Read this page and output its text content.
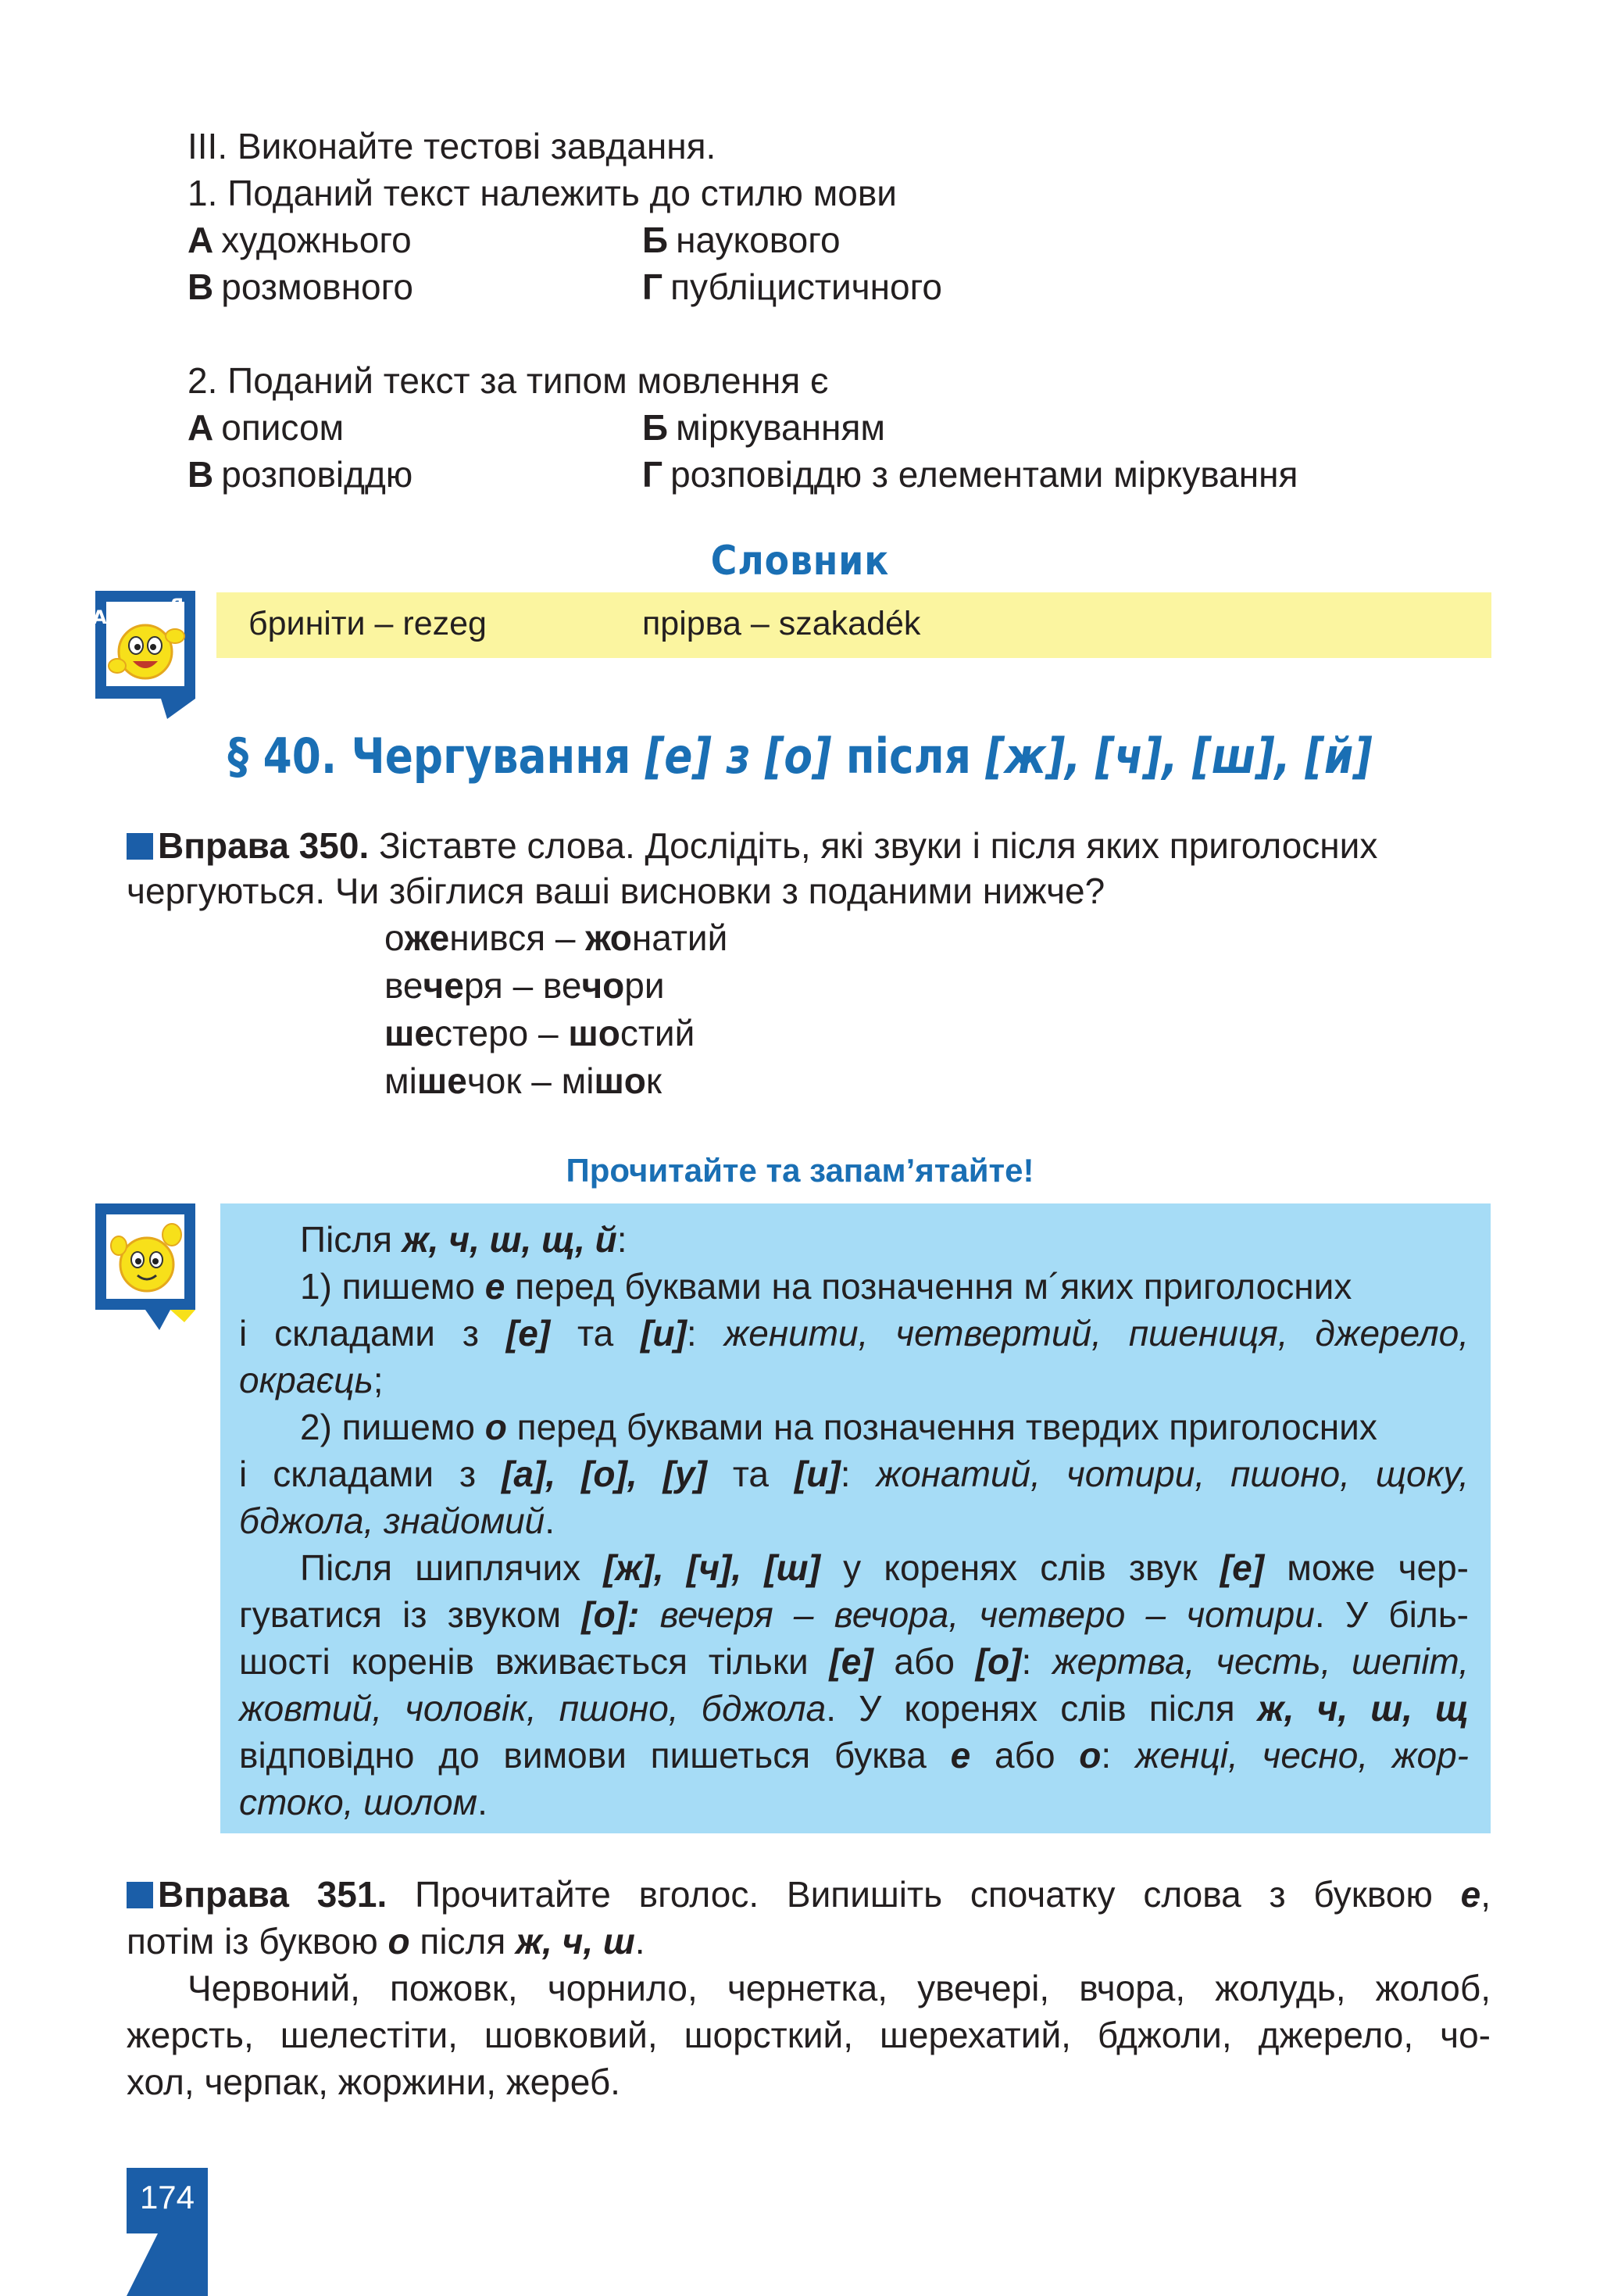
ІІІ. Виконайте тестові завдання.
1. Поданий текст належить до стилю мови
А художнього	Б наукового
В розмовного	Г публіцистичного
2. Поданий текст за типом мовлення є
А описом	Б міркуванням
В розповіддю	Г розповіддю з елементами міркування
Словник
бриніти – rezeg	прірва – szakadék
А
Я
§ 40. Чергування [е] з [о] після [ж], [ч], [ш], [й]
Вправа 350. Зіставте слова. Дослідіть, які звуки і після яких приголосних
чергуються. Чи збіглися ваші висновки з поданими нижче?
оженився – жонатий
вечеря – вечори
шестеро – шостий
мішечок – мішок
Прочитайте та запам’ятайте!
Після ж, ч, ш, щ, й:
1) пишемо е перед буквами на позначення м´яких приголосних
і складами з [е] та [и]: женити, четвертий, пшениця, джерело,
окраєць;
2) пишемо о перед буквами на позначення твердих приголосних
і складами з [а], [о], [у] та [и]: жонатий, чотири, пшоно, щоку,
бджола, знайомий.
Після шиплячих [ж], [ч], [ш] у коренях слів звук [е] може чер-
гуватися із звуком [о]: вечеря – вечора, четверо – чотири. У біль-
шості коренів вживається тільки [е] або [о]: жертва, честь, шепіт,
жовтий, чоловік, пшоно, бджола. У коренях слів після ж, ч, ш, щ
відповідно до вимови пишеться буква е або о: женці, чесно, жор-
стоко, шолом.
Вправа 351. Прочитайте вголос. Випишіть спочатку слова з буквою е,
потім із буквою о після ж, ч, ш.
Червоний, пожовк, чорнило, чернетка, увечері, вчора, жолудь, жолоб,
жерсть, шелестіти, шовковий, шорсткий, шерехатий, бджоли, джерело, чо-
хол, черпак, жоржини, жереб.
174
